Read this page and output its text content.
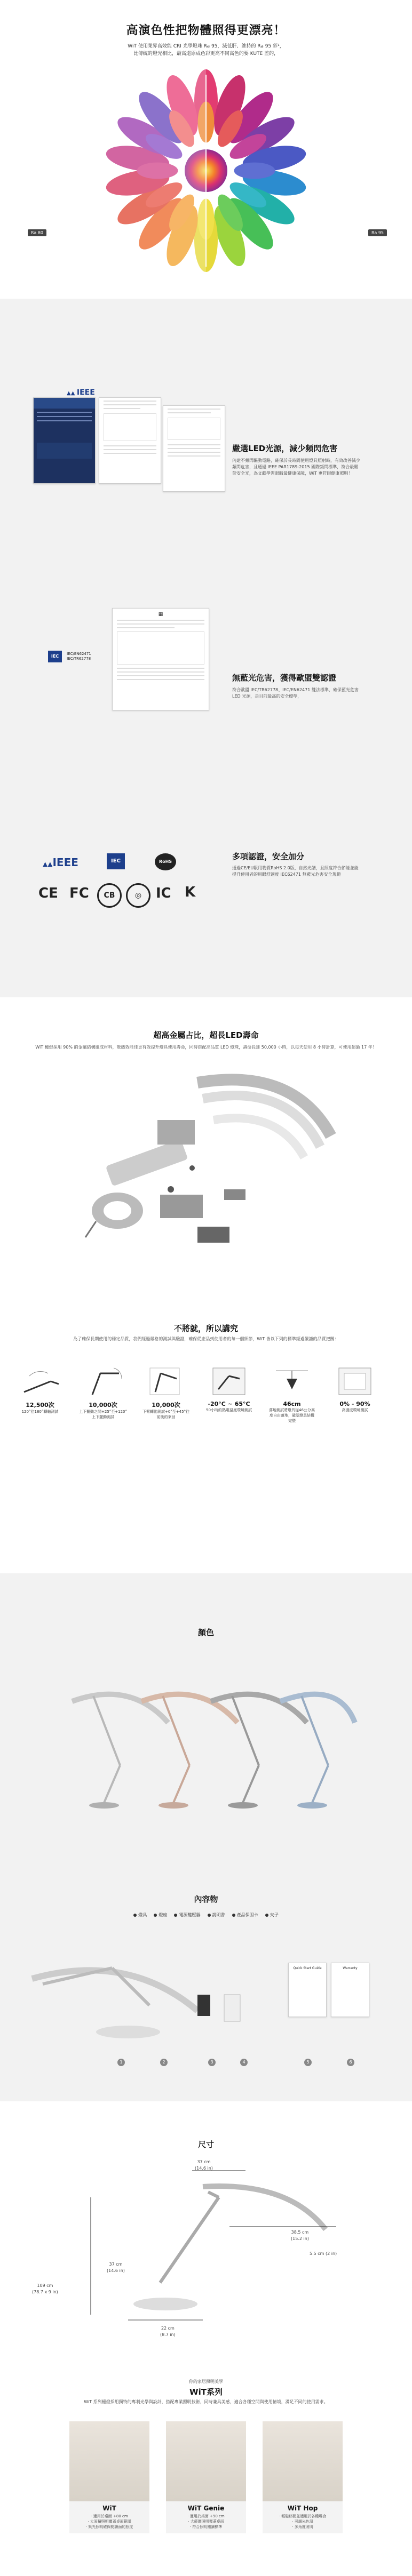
高演色性把物體照得更漂亮！
WiT 使用業界高效能 CRI 光學燈珠 Ra 95，減低肝、維持的 Ra 95 彩¹，
比傳統的燈光相比，最高還原成色彩更高不同高色的要 KUTE 差的，
Ra 80	Ra 95
▲▲ IEEE
嚴選LED光源，減少頻閃危害
內建不頻閃驅動電路，確保於長時間使用燈具照射時，有效改善減少頻閃危害，且通過 IEEE PAR1789-2015 國際頻閃標準，符合最嚴苛安全光，為文獻學習眼睛最健康保障，WiT 更符眼健康照明！
▦
IEC IEC/EN62471
IEC/TR62778
無藍光危害，獲得歐盟雙認證
符合歐盟 IEC/TR62778、IEC/EN62471 雙法標準，確保藍光危害 LED 光源，是目前最高的安全標準，
▲▲IEEE	IEC	RoHS
CE FC	CB	◎	IC K
多項認證，安全加分
通過CE/EU限用物質RoHS 2.0版，自然光譜，且照度符合節能並能提升使用者的用眼舒適度 IEC62471 無藍光危害安全規範
超高金屬占比，超長LED壽命
WiT 檯燈採用 90% 的金屬結構組成材料，散熱效能佳更有效提升燈具使用壽命，同時搭配高品質 LED 燈珠，壽命長達 50,000 小時，以每天使用 8 小時計算，可使用超過 17 年！
不將就，所以講究
為了確保長期使用的穩定品質，我們經過嚴格的測試與驗證，確保從產品到使用者的每一個細節，WiT 皆以下列的標準經過嚴謹的品質把關：
12,500次
120°往180°轉軸測試
10,000次
上下擺動之間+25°至+120°上下擺動測試
10,000次
下臂轉動測試+0°至+45°往前後的來回
-20°C ~ 65°C
50小時的熱電溫度環境測試
46cm
落地測試將燈具從46公分高度自由落地，確認燈具結構完整
0% - 90%
高濕度環境測試
顏色
內容物
燈具	燈座	電源變壓器	說明書	產品保固卡	夾子
Quick Start Guide	Warranty
1	2	3	4	5	6
尺寸
37 cm
(14.6 in)
38.5 cm
(15.2 in)
37 cm
(14.6 in)
109 cm
(78.7 x 9 in)
22 cm
(8.7 in)
5.5 cm (2 in)
你的家居照明美學
WiT系列
WiT 系列檯燈採用獨特的專利光學與設計，搭配專業照明技術，同時兼具美感，適合各種空間與使用情境，滿足不同的使用需求。
WiT
· 適用於桌面 +80 cm
· 大面積照明覆蓋桌面範圍
· 集光照明確保閱讀面的照度
WiT Genie
· 適用於桌面 +90 cm
· 大範圍照明覆蓋桌面
· 符合照明閱讀標準
WiT Hop
· 輕鬆移動並適用於各種場合
· 可調光色溫
· 多角度照明
